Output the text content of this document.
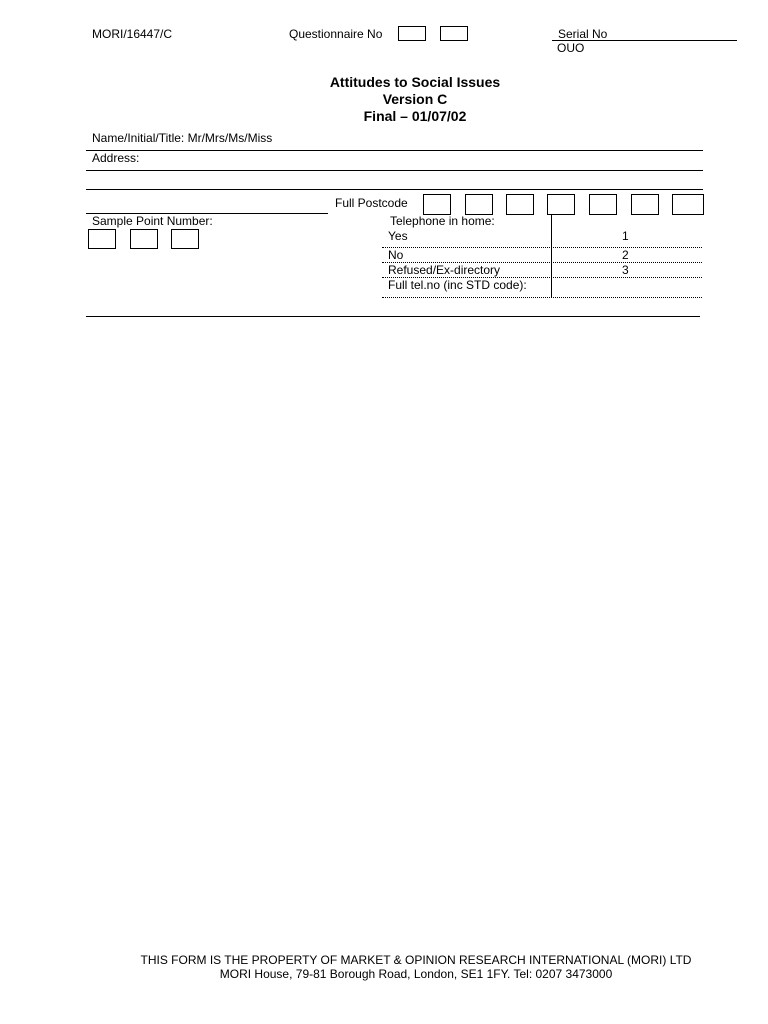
MORI/16447/C	Questionnaire No	Serial No
OUO
Attitudes to Social Issues
Version C
Final – 01/07/02
Name/Initial/Title: Mr/Mrs/Ms/Miss
Address:
Full Postcode
Sample Point Number:	Telephone in home:
Yes	1
No	2
Refused/Ex-directory	3
Full tel.no (inc STD code):
THIS FORM IS THE PROPERTY OF MARKET & OPINION RESEARCH INTERNATIONAL (MORI) LTD
MORI House, 79-81 Borough Road, London, SE1 1FY. Tel: 0207 3473000
